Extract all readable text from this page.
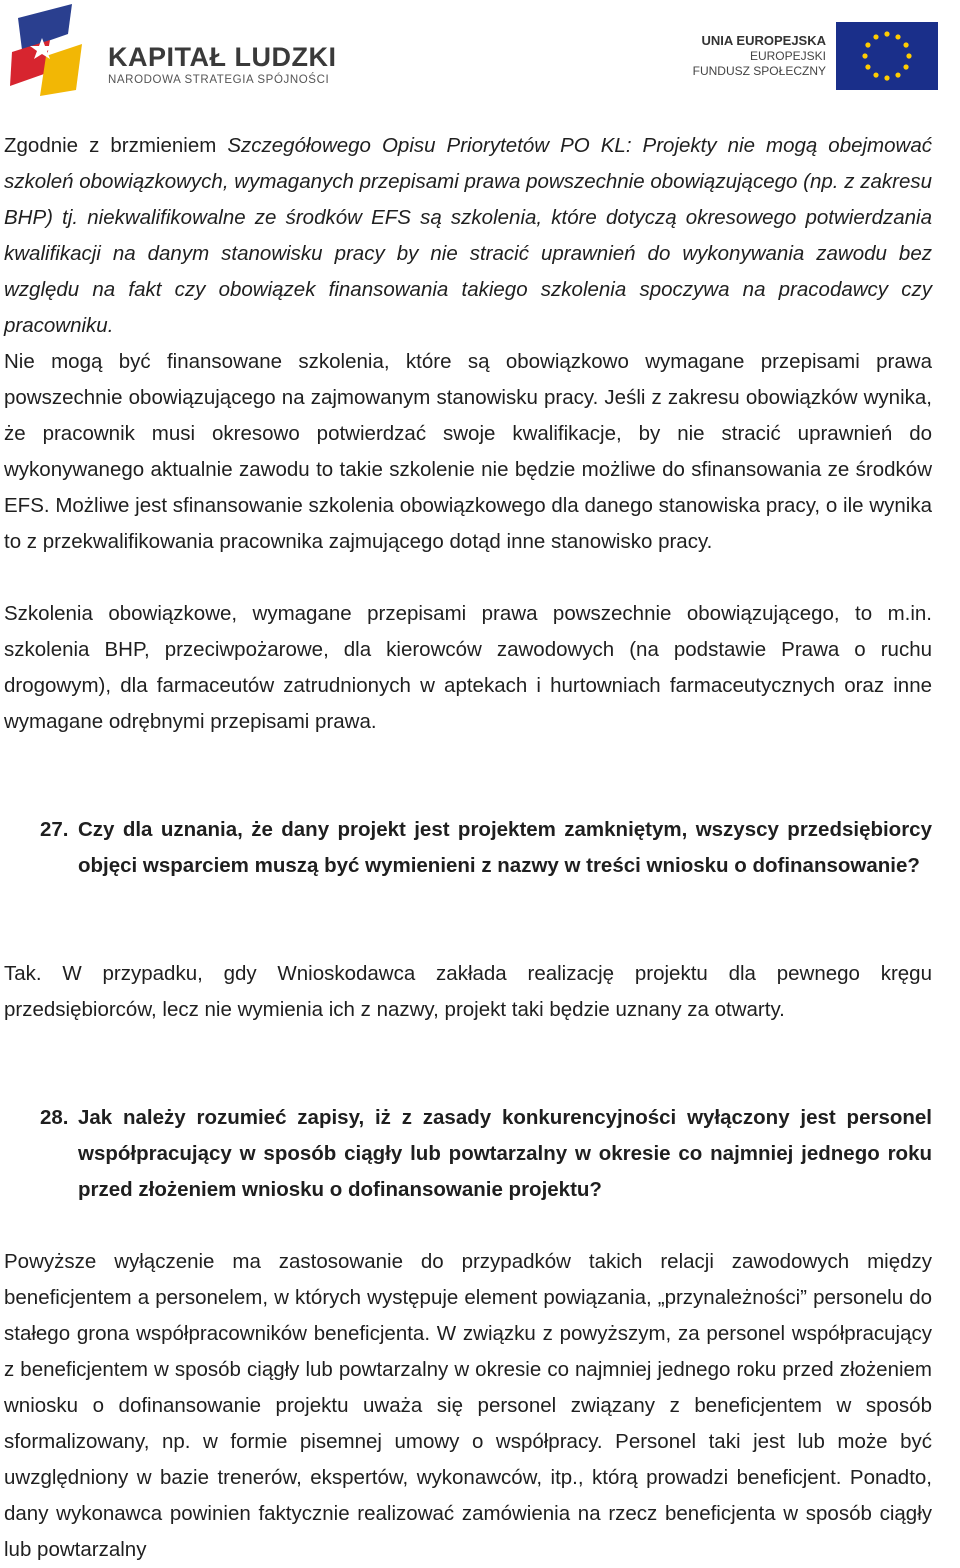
KAPITAŁ LUDZKI
NARODOWA STRATEGIA SPÓJNOŚCI
UNIA EUROPEJSKA
EUROPEJSKI
FUNDUSZ SPOŁECZNY

Zgodnie z brzmieniem Szczegółowego Opisu Priorytetów PO KL: Projekty nie mogą obejmować szkoleń obowiązkowych, wymaganych przepisami prawa powszechnie obowiązującego (np. z zakresu BHP) tj. niekwalifikowalne ze środków EFS są szkolenia, które dotyczą okresowego potwierdzania kwalifikacji na danym stanowisku pracy by nie stracić uprawnień do wykonywania zawodu bez względu na fakt czy obowiązek finansowania takiego szkolenia spoczywa na pracodawcy czy pracowniku.

Nie mogą być finansowane szkolenia, które są obowiązkowo wymagane przepisami prawa powszechnie obowiązującego na zajmowanym stanowisku pracy. Jeśli z zakresu obowiązków wynika, że pracownik musi okresowo potwierdzać swoje kwalifikacje, by nie stracić uprawnień do wykonywanego aktualnie zawodu to takie szkolenie nie będzie możliwe do sfinansowania ze środków EFS. Możliwe jest sfinansowanie szkolenia obowiązkowego dla danego stanowiska pracy, o ile wynika to z przekwalifikowania pracownika zajmującego dotąd inne stanowisko pracy.

Szkolenia obowiązkowe, wymagane przepisami prawa powszechnie obowiązującego, to m.in. szkolenia BHP, przeciwpożarowe, dla kierowców zawodowych (na podstawie Prawa o ruchu drogowym), dla farmaceutów zatrudnionych w aptekach i hurtowniach farmaceutycznych oraz inne wymagane odrębnymi przepisami prawa.

27. Czy dla uznania, że dany projekt jest projektem zamkniętym, wszyscy przedsiębiorcy objęci wsparciem muszą być wymienieni z nazwy w treści wniosku o dofinansowanie?

Tak. W przypadku, gdy Wnioskodawca zakłada realizację projektu dla pewnego kręgu przedsiębiorców, lecz nie wymienia ich z nazwy, projekt taki będzie uznany za otwarty.

28. Jak należy rozumieć zapisy, iż z zasady konkurencyjności wyłączony jest personel współpracujący w sposób ciągły lub powtarzalny w okresie co najmniej jednego roku przed złożeniem wniosku o dofinansowanie projektu?

Powyższe wyłączenie ma zastosowanie do przypadków takich relacji zawodowych między beneficjentem a personelem, w których występuje element powiązania, „przynależności” personelu do stałego grona współpracowników beneficjenta. W związku z powyższym, za personel współpracujący z beneficjentem w sposób ciągły lub powtarzalny w okresie co najmniej jednego roku przed złożeniem wniosku o dofinansowanie projektu uważa się personel związany z beneficjentem w sposób sformalizowany, np. w formie pisemnej umowy o współpracy. Personel taki jest lub może być uwzględniony w bazie trenerów, ekspertów, wykonawców, itp., którą prowadzi beneficjent. Ponadto, dany wykonawca powinien faktycznie realizować zamówienia na rzecz beneficjenta w sposób ciągły lub powtarzalny
